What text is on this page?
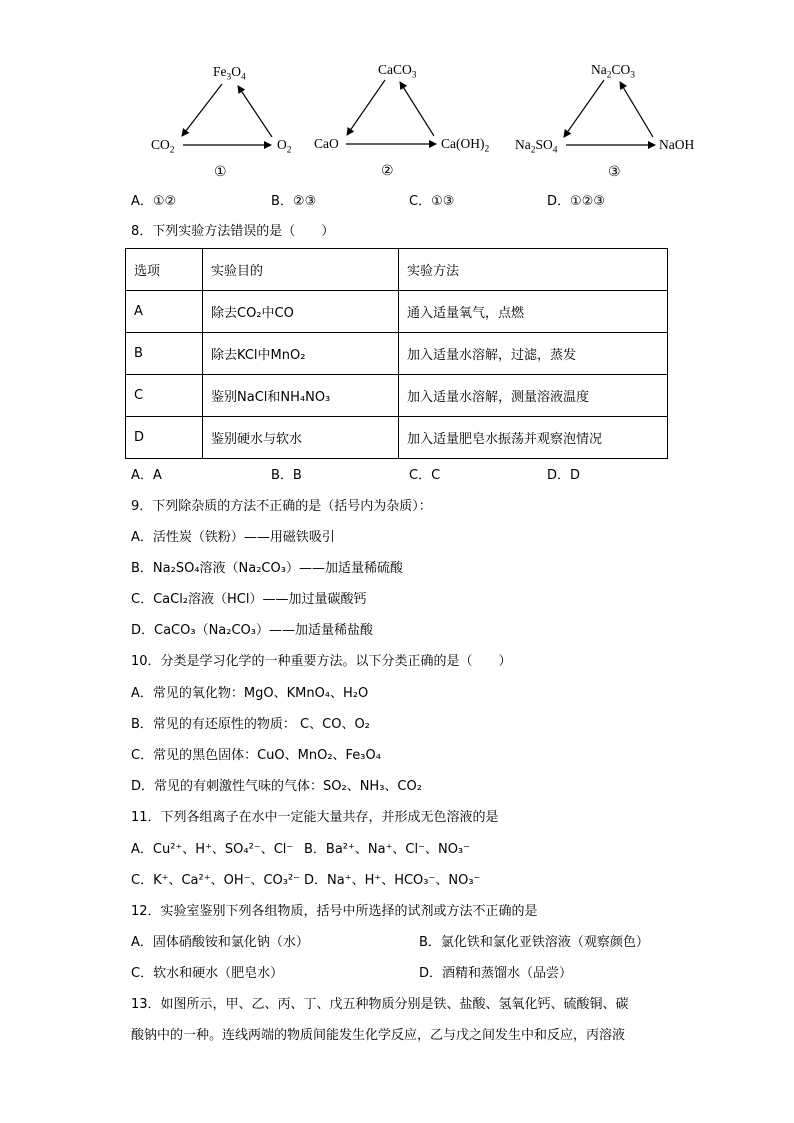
$Fe_3O_4$
$CO_2$	$O_2$
①
CaCO$_3$
CaO	$Ca(OH)_2$
②
$Na_2CO_3$
$Na_2SO_4$	NaOH
③
A．①②	B．②③	C．①③	D．①②③
8．下列实验方法错误的是（　　）
选项	实验目的	实验方法
A	除去CO₂中CO	通入适量氧气，点燃
B	除去KCl中MnO₂	加入适量水溶解，过滤，蒸发
C	鉴别NaCl和NH₄NO₃	加入适量水溶解，测量溶液温度
D	鉴别硬水与软水	加入适量肥皂水振荡并观察泡情况
A．A	B．B	C．C	D．D
9．下列除杂质的方法不正确的是（括号内为杂质）：
A．活性炭（铁粉）——用磁铁吸引
B．Na₂SO₄溶液（Na₂CO₃）——加适量稀硫酸
C．CaCl₂溶液（HCl）——加过量碳酸钙
D．CaCO₃（Na₂CO₃）——加适量稀盐酸
10．分类是学习化学的一种重要方法。以下分类正确的是（　　）
A．常见的氧化物：MgO、KMnO₄、H₂O
B．常见的有还原性的物质： C、CO、O₂
C．常见的黑色固体：CuO、MnO₂、Fe₃O₄
D．常见的有刺激性气味的气体：SO₂、NH₃、CO₂
11．下列各组离子在水中一定能大量共存，并形成无色溶液的是
A．Cu²⁺、H⁺、SO₄²⁻、Cl⁻ B．Ba²⁺、Na⁺、Cl⁻、NO₃⁻
C．K⁺、Ca²⁺、OH⁻、CO₃²⁻ D．Na⁺、H⁺、HCO₃⁻、NO₃⁻
12．实验室鉴别下列各组物质，括号中所选择的试剂或方法不正确的是
A．固体硝酸铵和氯化钠（水）	B．氯化铁和氯化亚铁溶液（观察颜色）
C．软水和硬水（肥皂水）	D．酒精和蒸馏水（品尝）
13．如图所示，甲、乙、丙、丁、戊五种物质分别是铁、盐酸、氢氧化钙、硫酸铜、碳
酸钠中的一种。连线两端的物质间能发生化学反应，乙与戊之间发生中和反应，丙溶液
